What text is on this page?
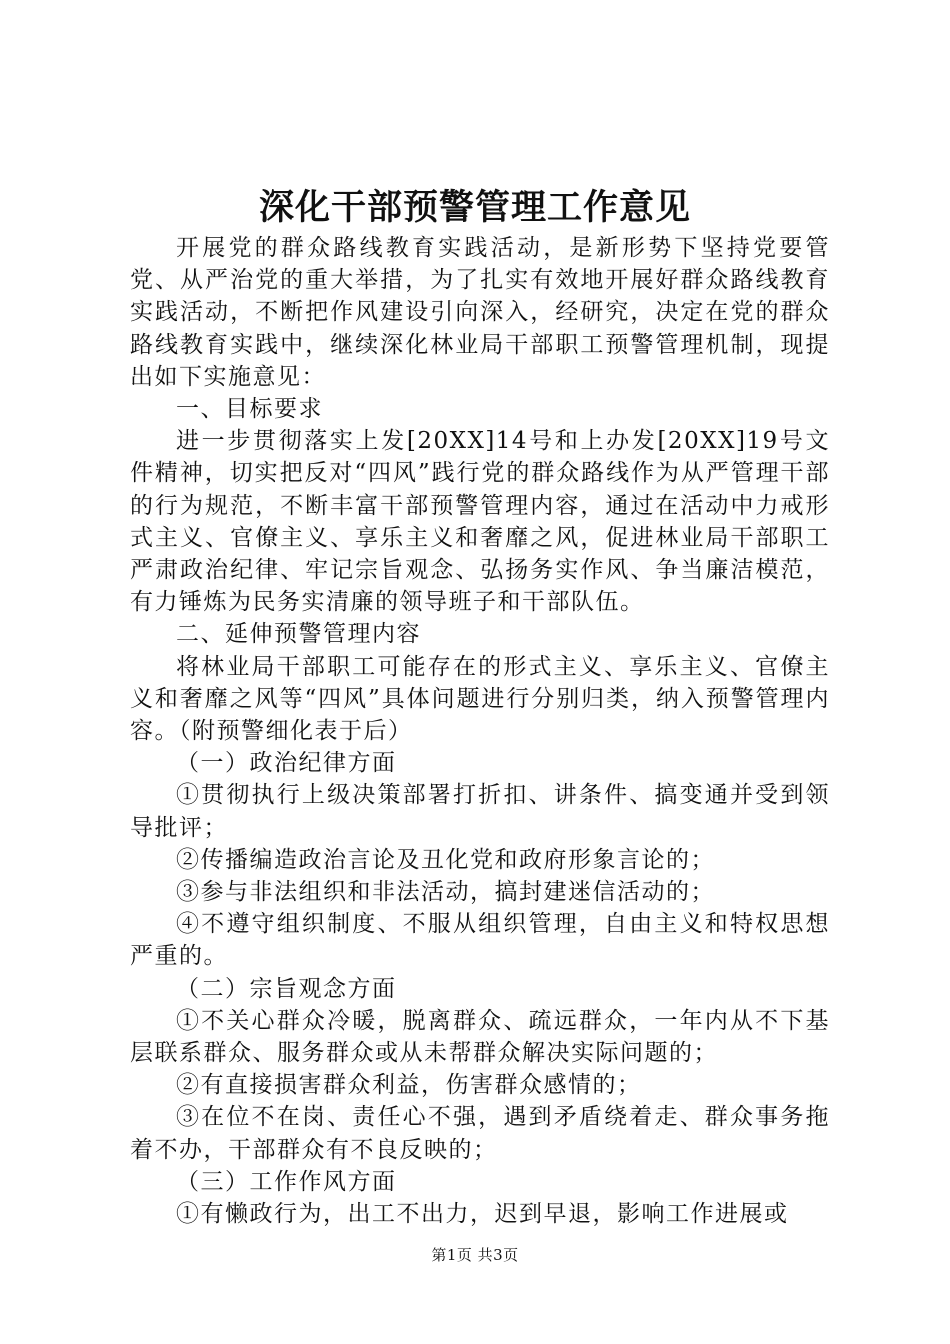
深化干部预警管理工作意见

开展党的群众路线教育实践活动，是新形势下坚持党要管党、从严治党的重大举措，为了扎实有效地开展好群众路线教育实践活动，不断把作风建设引向深入，经研究，决定在党的群众路线教育实践中，继续深化林业局干部职工预警管理机制，现提出如下实施意见：

一、目标要求

进一步贯彻落实上发[20XX]14号和上办发[20XX]19号文件精神，切实把反对“四风”践行党的群众路线作为从严管理干部的行为规范，不断丰富干部预警管理内容，通过在活动中力戒形式主义、官僚主义、享乐主义和奢靡之风，促进林业局干部职工严肃政治纪律、牢记宗旨观念、弘扬务实作风、争当廉洁模范，有力锤炼为民务实清廉的领导班子和干部队伍。

二、延伸预警管理内容

将林业局干部职工可能存在的形式主义、享乐主义、官僚主义和奢靡之风等“四风”具体问题进行分别归类，纳入预警管理内容。（附预警细化表于后）

（一）政治纪律方面

①贯彻执行上级决策部署打折扣、讲条件、搞变通并受到领导批评；

②传播编造政治言论及丑化党和政府形象言论的；

③参与非法组织和非法活动，搞封建迷信活动的；

④不遵守组织制度、不服从组织管理，自由主义和特权思想严重的。

（二）宗旨观念方面

①不关心群众冷暖，脱离群众、疏远群众，一年内从不下基层联系群众、服务群众或从未帮群众解决实际问题的；

②有直接损害群众利益，伤害群众感情的；

③在位不在岗、责任心不强，遇到矛盾绕着走、群众事务拖着不办，干部群众有不良反映的；

（三）工作作风方面

①有懒政行为，出工不出力，迟到早退，影响工作进展或

第1页 共3页
